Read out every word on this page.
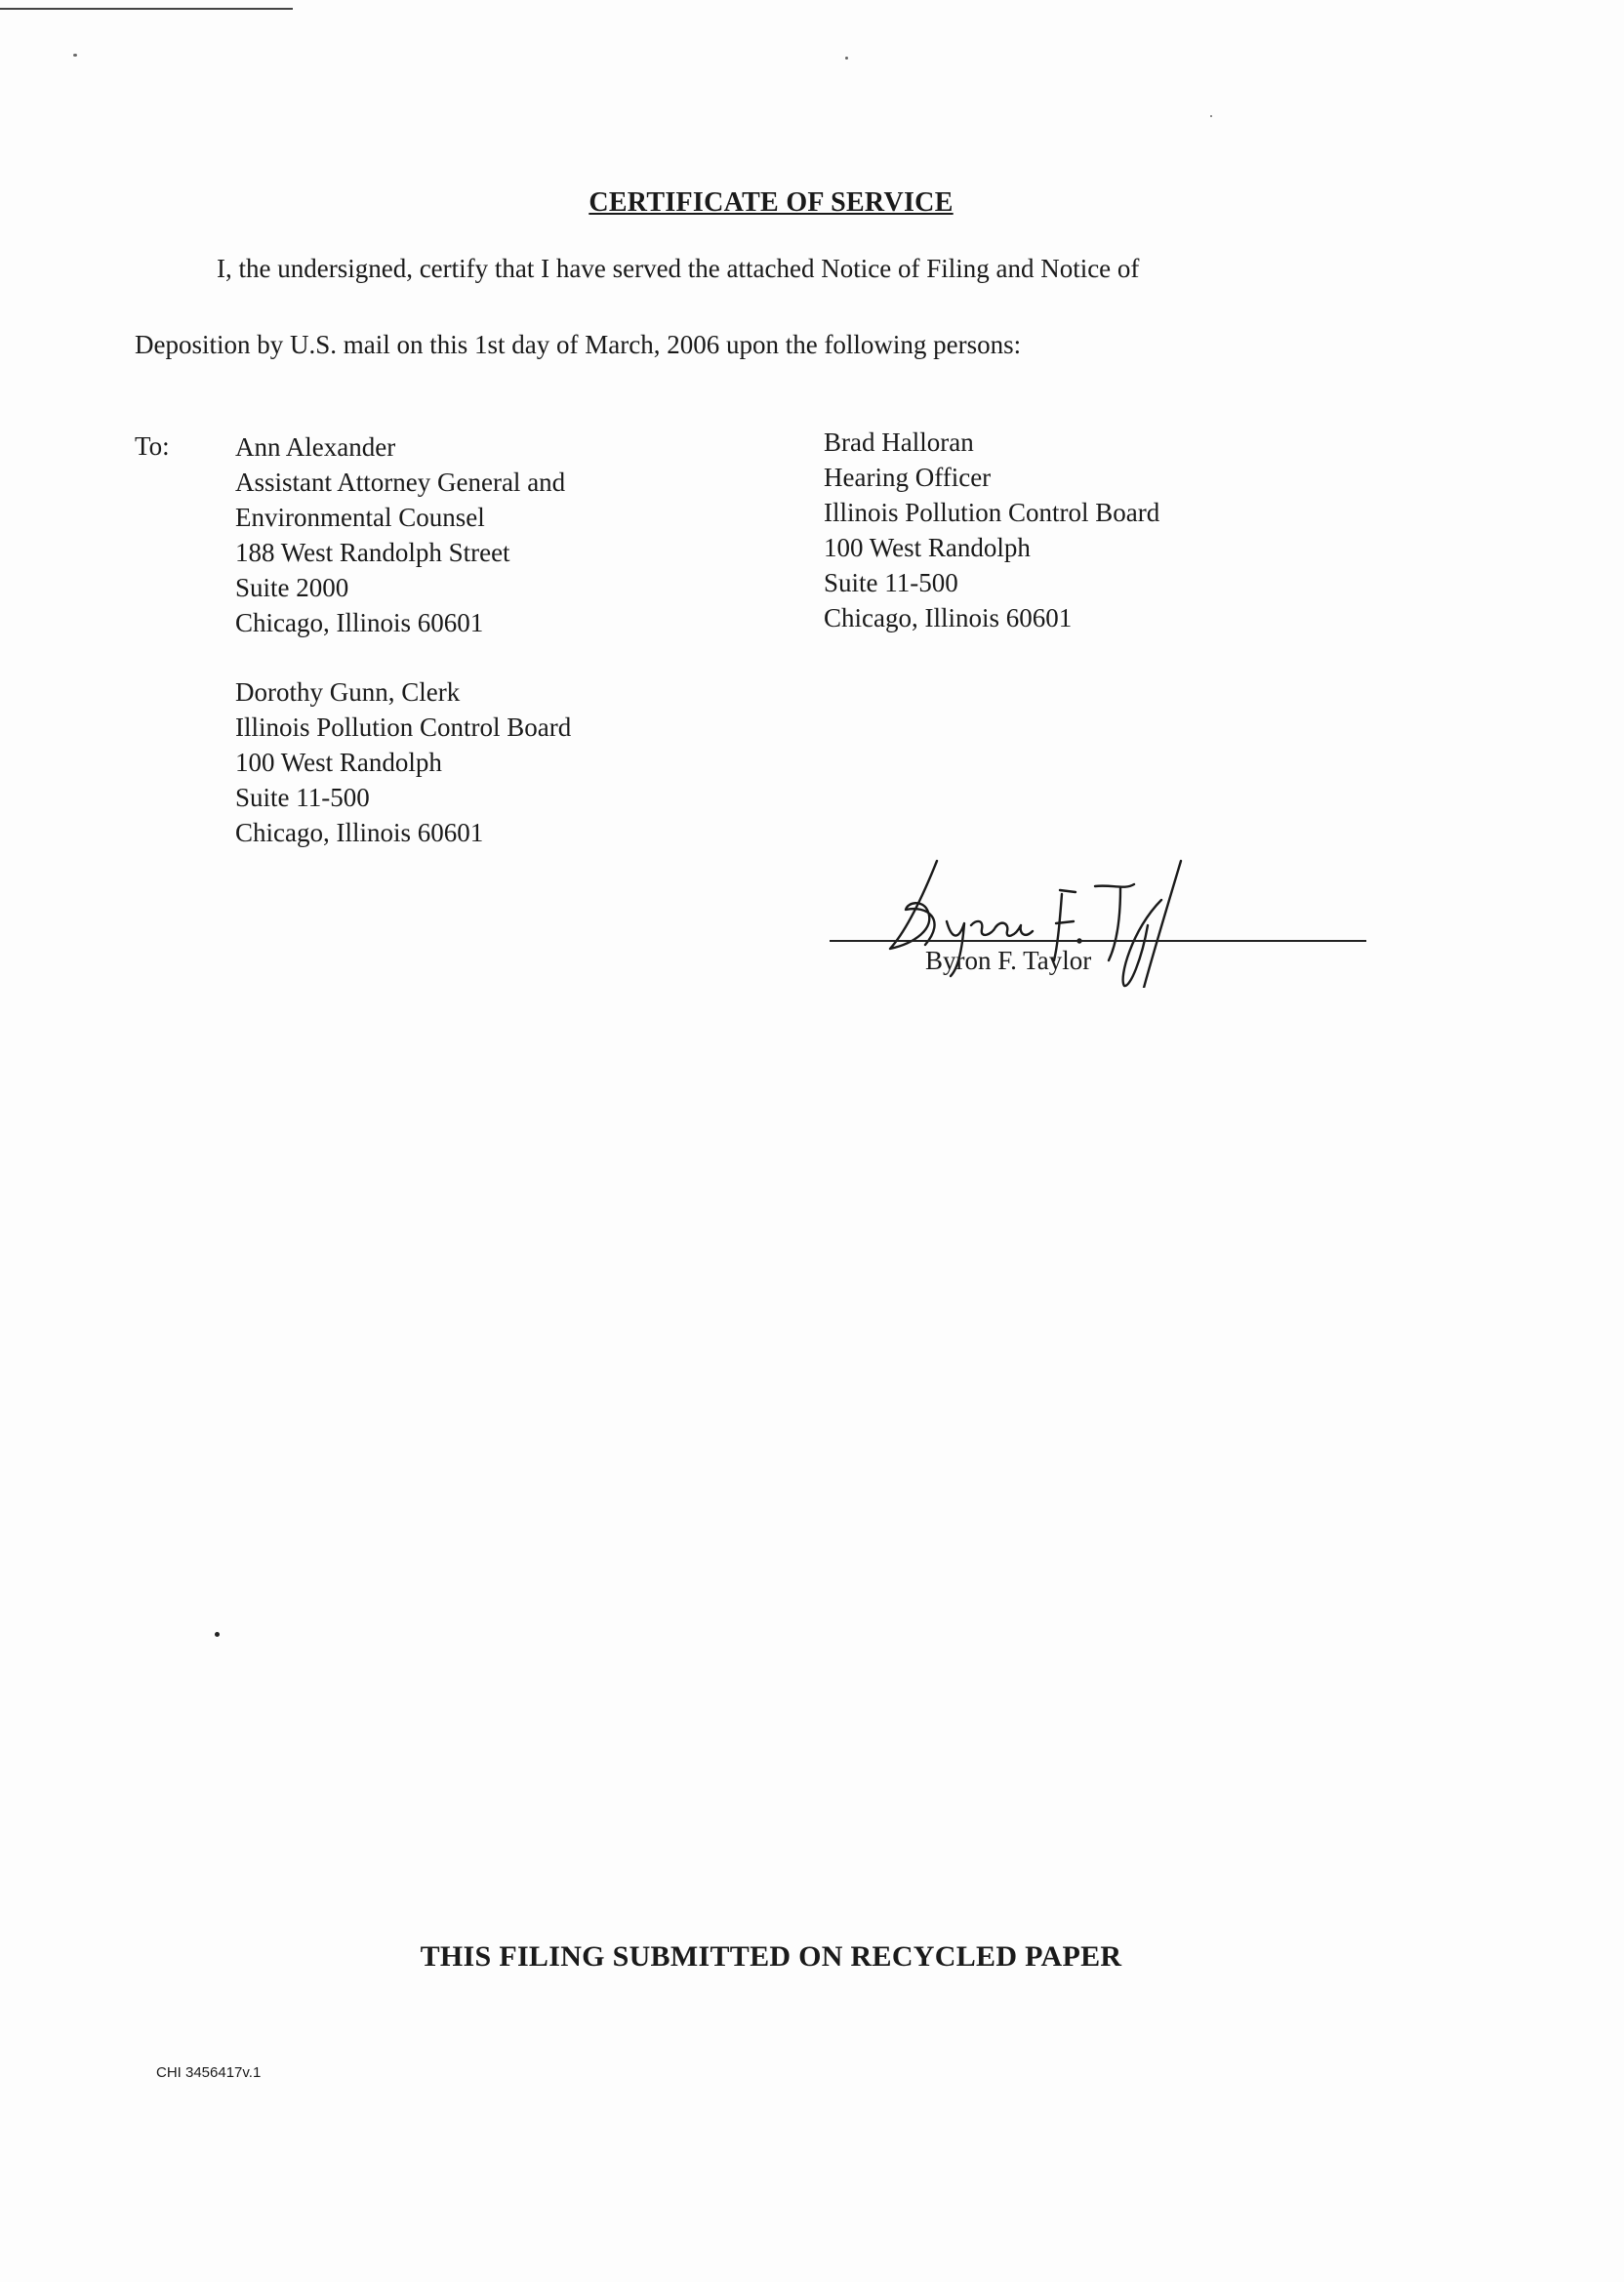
CERTIFICATE OF SERVICE
I, the undersigned, certify that I have served the attached Notice of Filing and Notice of
Deposition by U.S. mail on this 1st day of March, 2006 upon the following persons:
To: Ann Alexander
Assistant Attorney General and
Environmental Counsel
188 West Randolph Street
Suite 2000
Chicago, Illinois 60601
Brad Halloran
Hearing Officer
Illinois Pollution Control Board
100 West Randolph
Suite 11-500
Chicago, Illinois 60601
Dorothy Gunn, Clerk
Illinois Pollution Control Board
100 West Randolph
Suite 11-500
Chicago, Illinois 60601
Byron F. Taylor
THIS FILING SUBMITTED ON RECYCLED PAPER
CHI 3456417v.1
